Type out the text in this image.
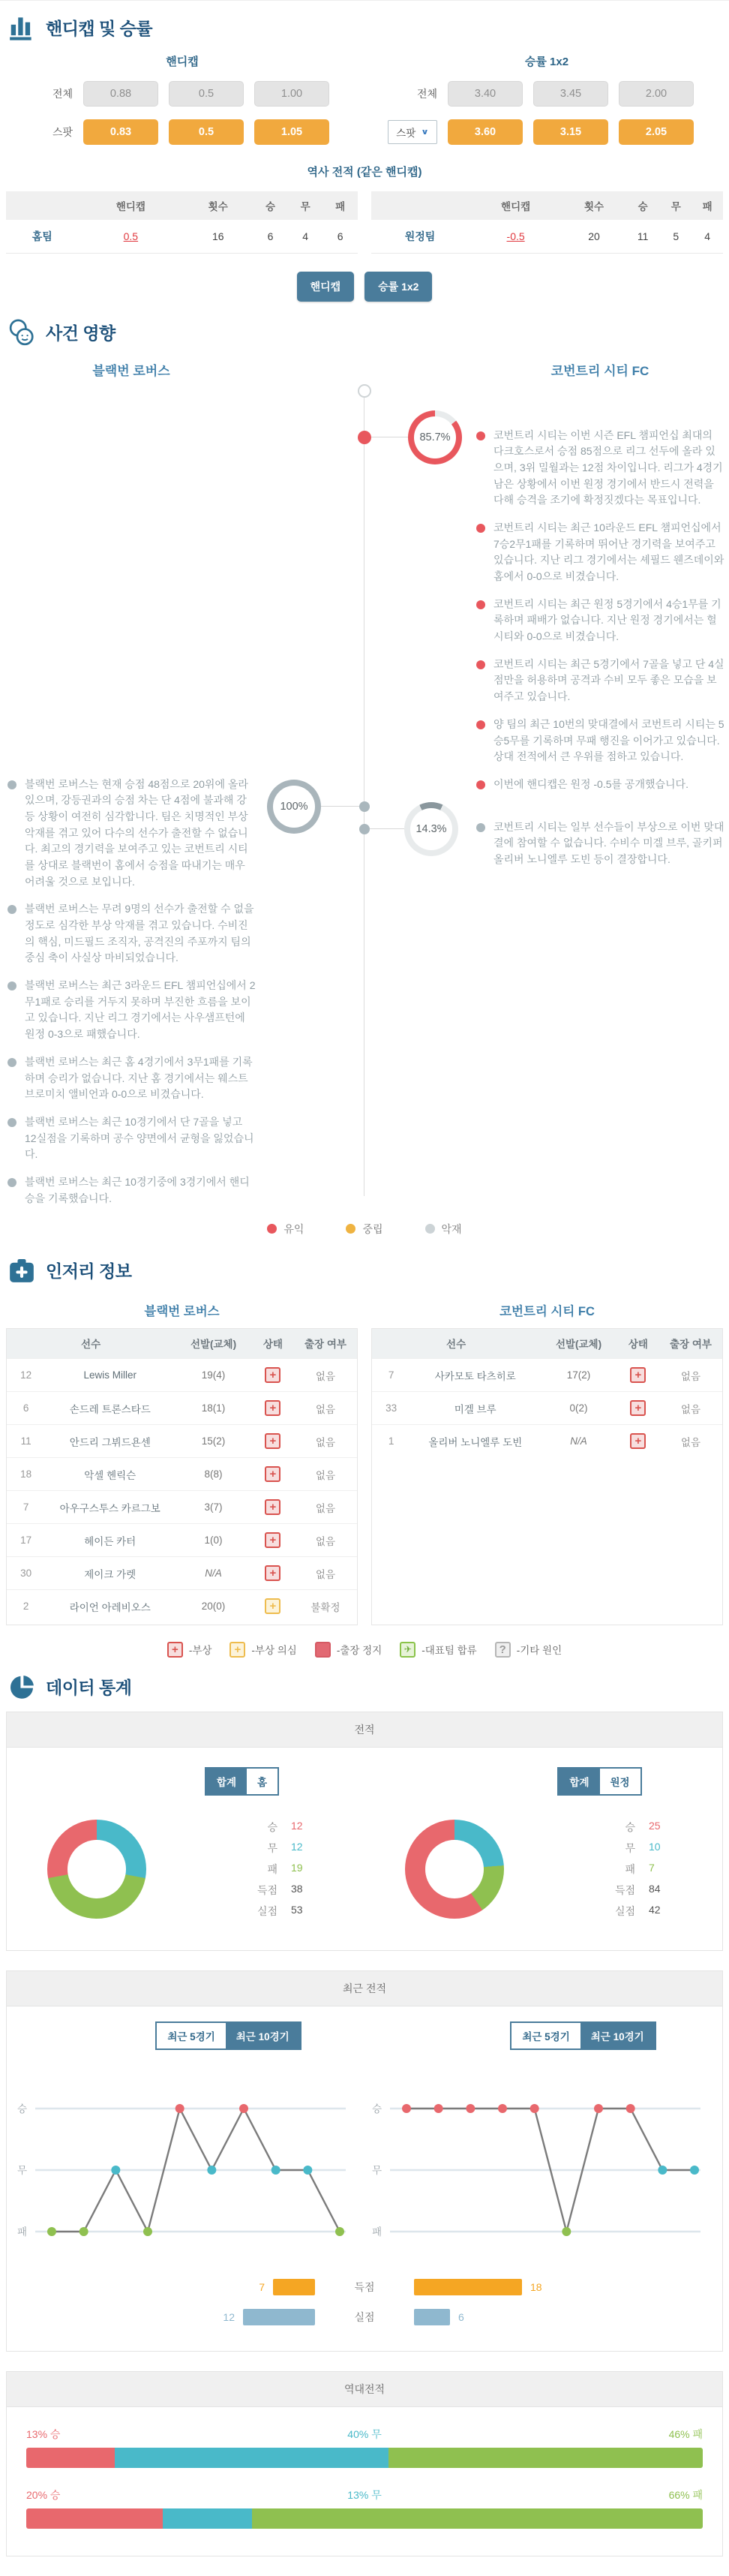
핸디캡 및 승률
핸디캡
전체	0.88	0.5	1.00
스팟	0.83	0.5	1.05
승률 1x2
전체	3.40	3.45	2.00
스팟 ∨	3.60	3.15	2.05
역사 전적 (같은 핸디캡)
	핸디캡	횟수	승	무	패
홈팀	0.5	16	6	4	6
	핸디캡	횟수	승	무	패
원정팀	-0.5	20	11	5	4
핸디캡	승률 1x2
사건 영향
블랙번 로버스	코번트리 시티 FC
85.7%
100%
14.3%
코번트리 시티는 이번 시즌 EFL 챔피언십 최대의 다크호스로서 승점 85점으로 리그 선두에 올라 있으며, 3위 밀월과는 12점 차이입니다. 리그가 4경기 남은 상황에서 이번 원정 경기에서 반드시 전력을 다해 승격을 조기에 확정짓겠다는 목표입니다.
코번트리 시티는 최근 10라운드 EFL 챔피언십에서 7승2무1패를 기록하며 뛰어난 경기력을 보여주고 있습니다. 지난 리그 경기에서는 셰필드 웬즈데이와 홈에서 0-0으로 비겼습니다.
코번트리 시티는 최근 원정 5경기에서 4승1무를 기록하며 패배가 없습니다. 지난 원정 경기에서는 헐 시티와 0-0으로 비겼습니다.
코번트리 시티는 최근 5경기에서 7골을 넣고 단 4실점만을 허용하며 공격과 수비 모두 좋은 모습을 보여주고 있습니다.
양 팀의 최근 10번의 맞대결에서 코번트리 시티는 5승5무를 기록하며 무패 행진을 이어가고 있습니다. 상대 전적에서 큰 우위를 점하고 있습니다.
이번에 핸디캡은 원정 -0.5를 공개했습니다.
블랙번 로버스는 현재 승점 48점으로 20위에 올라 있으며, 강등권과의 승점 차는 단 4점에 불과해 강등 상황이 여전히 심각합니다. 팀은 치명적인 부상 악재를 겪고 있어 다수의 선수가 출전할 수 없습니다. 최고의 경기력을 보여주고 있는 코번트리 시티를 상대로 블랙번이 홈에서 승점을 따내기는 매우 어려울 것으로 보입니다.
블랙번 로버스는 무려 9명의 선수가 출전할 수 없을 정도로 심각한 부상 악재를 겪고 있습니다. 수비진의 핵심, 미드필드 조직자, 공격진의 주포까지 팀의 중심 축이 사실상 마비되었습니다.
블랙번 로버스는 최근 3라운드 EFL 챔피언십에서 2무1패로 승리를 거두지 못하며 부진한 흐름을 보이고 있습니다. 지난 리그 경기에서는 사우샘프턴에 원정 0-3으로 패했습니다.
블랙번 로버스는 최근 홈 4경기에서 3무1패를 기록하며 승리가 없습니다. 지난 홈 경기에서는 웨스트 브로미치 앨비언과 0-0으로 비겼습니다.
블랙번 로버스는 최근 10경기에서 단 7골을 넣고 12실점을 기록하며 공수 양면에서 균형을 잃었습니다.
블랙번 로버스는 최근 10경기중에 3경기에서 핸디승을 기록했습니다.
코번트리 시티는 일부 선수들이 부상으로 이번 맞대결에 참여할 수 없습니다. 수비수 미겔 브루, 골키퍼 올리버 노니엘루 도빈 등이 결장합니다.
유익	중립	악재
인저리 정보
블랙번 로버스
선수		선발(교체)	상태	출장 여부
12	Lewis Miller	19(4)	+	없음
6	손드레 트론스타드	18(1)	+	없음
11	안드리 그뷔드욘센	15(2)	+	없음
18	악셀 헨릭슨	8(8)	+	없음
7	아우구스투스 카르그보	3(7)	+	없음
17	헤이든 카터	1(0)	+	없음
30	제이크 가렛	N/A	+	없음
2	라이언 아레비오스	20(0)	+	불확정
코번트리 시티 FC
선수		선발(교체)	상태	출장 여부
7	사카모토 타츠히로	17(2)	+	없음
33	미겔 브루	0(2)	+	없음
1	올리버 노니엘루 도빈	N/A	+	없음
+	-부상	+	-부상 의심	-출장 정지	✈ -대표팀 합류	?	-기타 원인
데이터 통계
전적
합계	홈
승 12
무 12
패 19
득점 38
실점 53
합계	원정
승 25
무 10
패 7
득점 84
실점 42
최근 전적
최근 5경기	최근 10경기
승
무
패
최근 5경기	최근 10경기
승
무
패
7	득점	18
12	실점	6
역대전적
13% 승	40% 무	46% 패
20% 승	13% 무	66% 패
